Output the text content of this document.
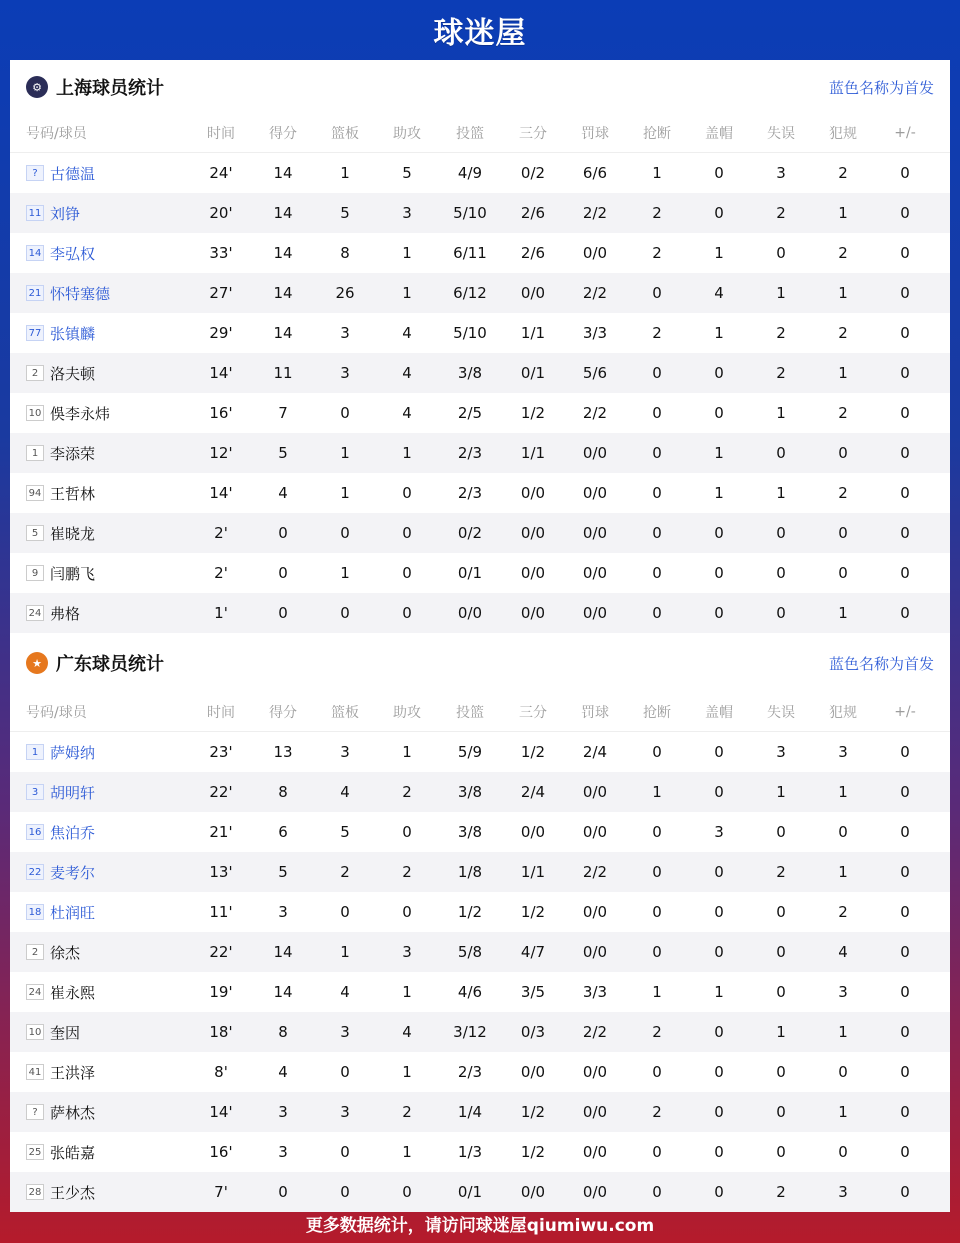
球迷屋
⚙ 上海球员统计	蓝色名称为首发
号码/球员	时间	得分	篮板	助攻	投篮	三分	罚球	抢断	盖帽	失误	犯规	+/-
? 古德温	24'	14	1	5	4/9	0/2	6/6	1	0	3	2	0
11 刘铮	20'	14	5	3	5/10	2/6	2/2	2	0	2	1	0
14 李弘权	33'	14	8	1	6/11	2/6	0/0	2	1	0	2	0
21 怀特塞德	27'	14	26	1	6/12	0/0	2/2	0	4	1	1	0
77 张镇麟	29'	14	3	4	5/10	1/1	3/3	2	1	2	2	0
2 洛夫顿	14'	11	3	4	3/8	0/1	5/6	0	0	2	1	0
10 俁李永炜	16'	7	0	4	2/5	1/2	2/2	0	0	1	2	0
1 李添荣	12'	5	1	1	2/3	1/1	0/0	0	1	0	0	0
94 王哲林	14'	4	1	0	2/3	0/0	0/0	0	1	1	2	0
5 崔晓龙	2'	0	0	0	0/2	0/0	0/0	0	0	0	0	0
9 闫鹏飞	2'	0	1	0	0/1	0/0	0/0	0	0	0	0	0
24 弗格	1'	0	0	0	0/0	0/0	0/0	0	0	0	1	0
★ 广东球员统计	蓝色名称为首发
号码/球员	时间	得分	篮板	助攻	投篮	三分	罚球	抢断	盖帽	失误	犯规	+/-
1 萨姆纳	23'	13	3	1	5/9	1/2	2/4	0	0	3	3	0
3 胡明轩	22'	8	4	2	3/8	2/4	0/0	1	0	1	1	0
16 焦泊乔	21'	6	5	0	3/8	0/0	0/0	0	3	0	0	0
22 麦考尔	13'	5	2	2	1/8	1/1	2/2	0	0	2	1	0
18 杜润旺	11'	3	0	0	1/2	1/2	0/0	0	0	0	2	0
2 徐杰	22'	14	1	3	5/8	4/7	0/0	0	0	0	4	0
24 崔永熙	19'	14	4	1	4/6	3/5	3/3	1	1	0	3	0
10 奎因	18'	8	3	4	3/12	0/3	2/2	2	0	1	1	0
41 王洪泽	8'	4	0	1	2/3	0/0	0/0	0	0	0	0	0
? 萨林杰	14'	3	3	2	1/4	1/2	0/0	2	0	0	1	0
25 张皓嘉	16'	3	0	1	1/3	1/2	0/0	0	0	0	0	0
28 王少杰	7'	0	0	0	0/1	0/0	0/0	0	0	2	3	0
更多数据统计，请访问球迷屋qiumiwu.com
